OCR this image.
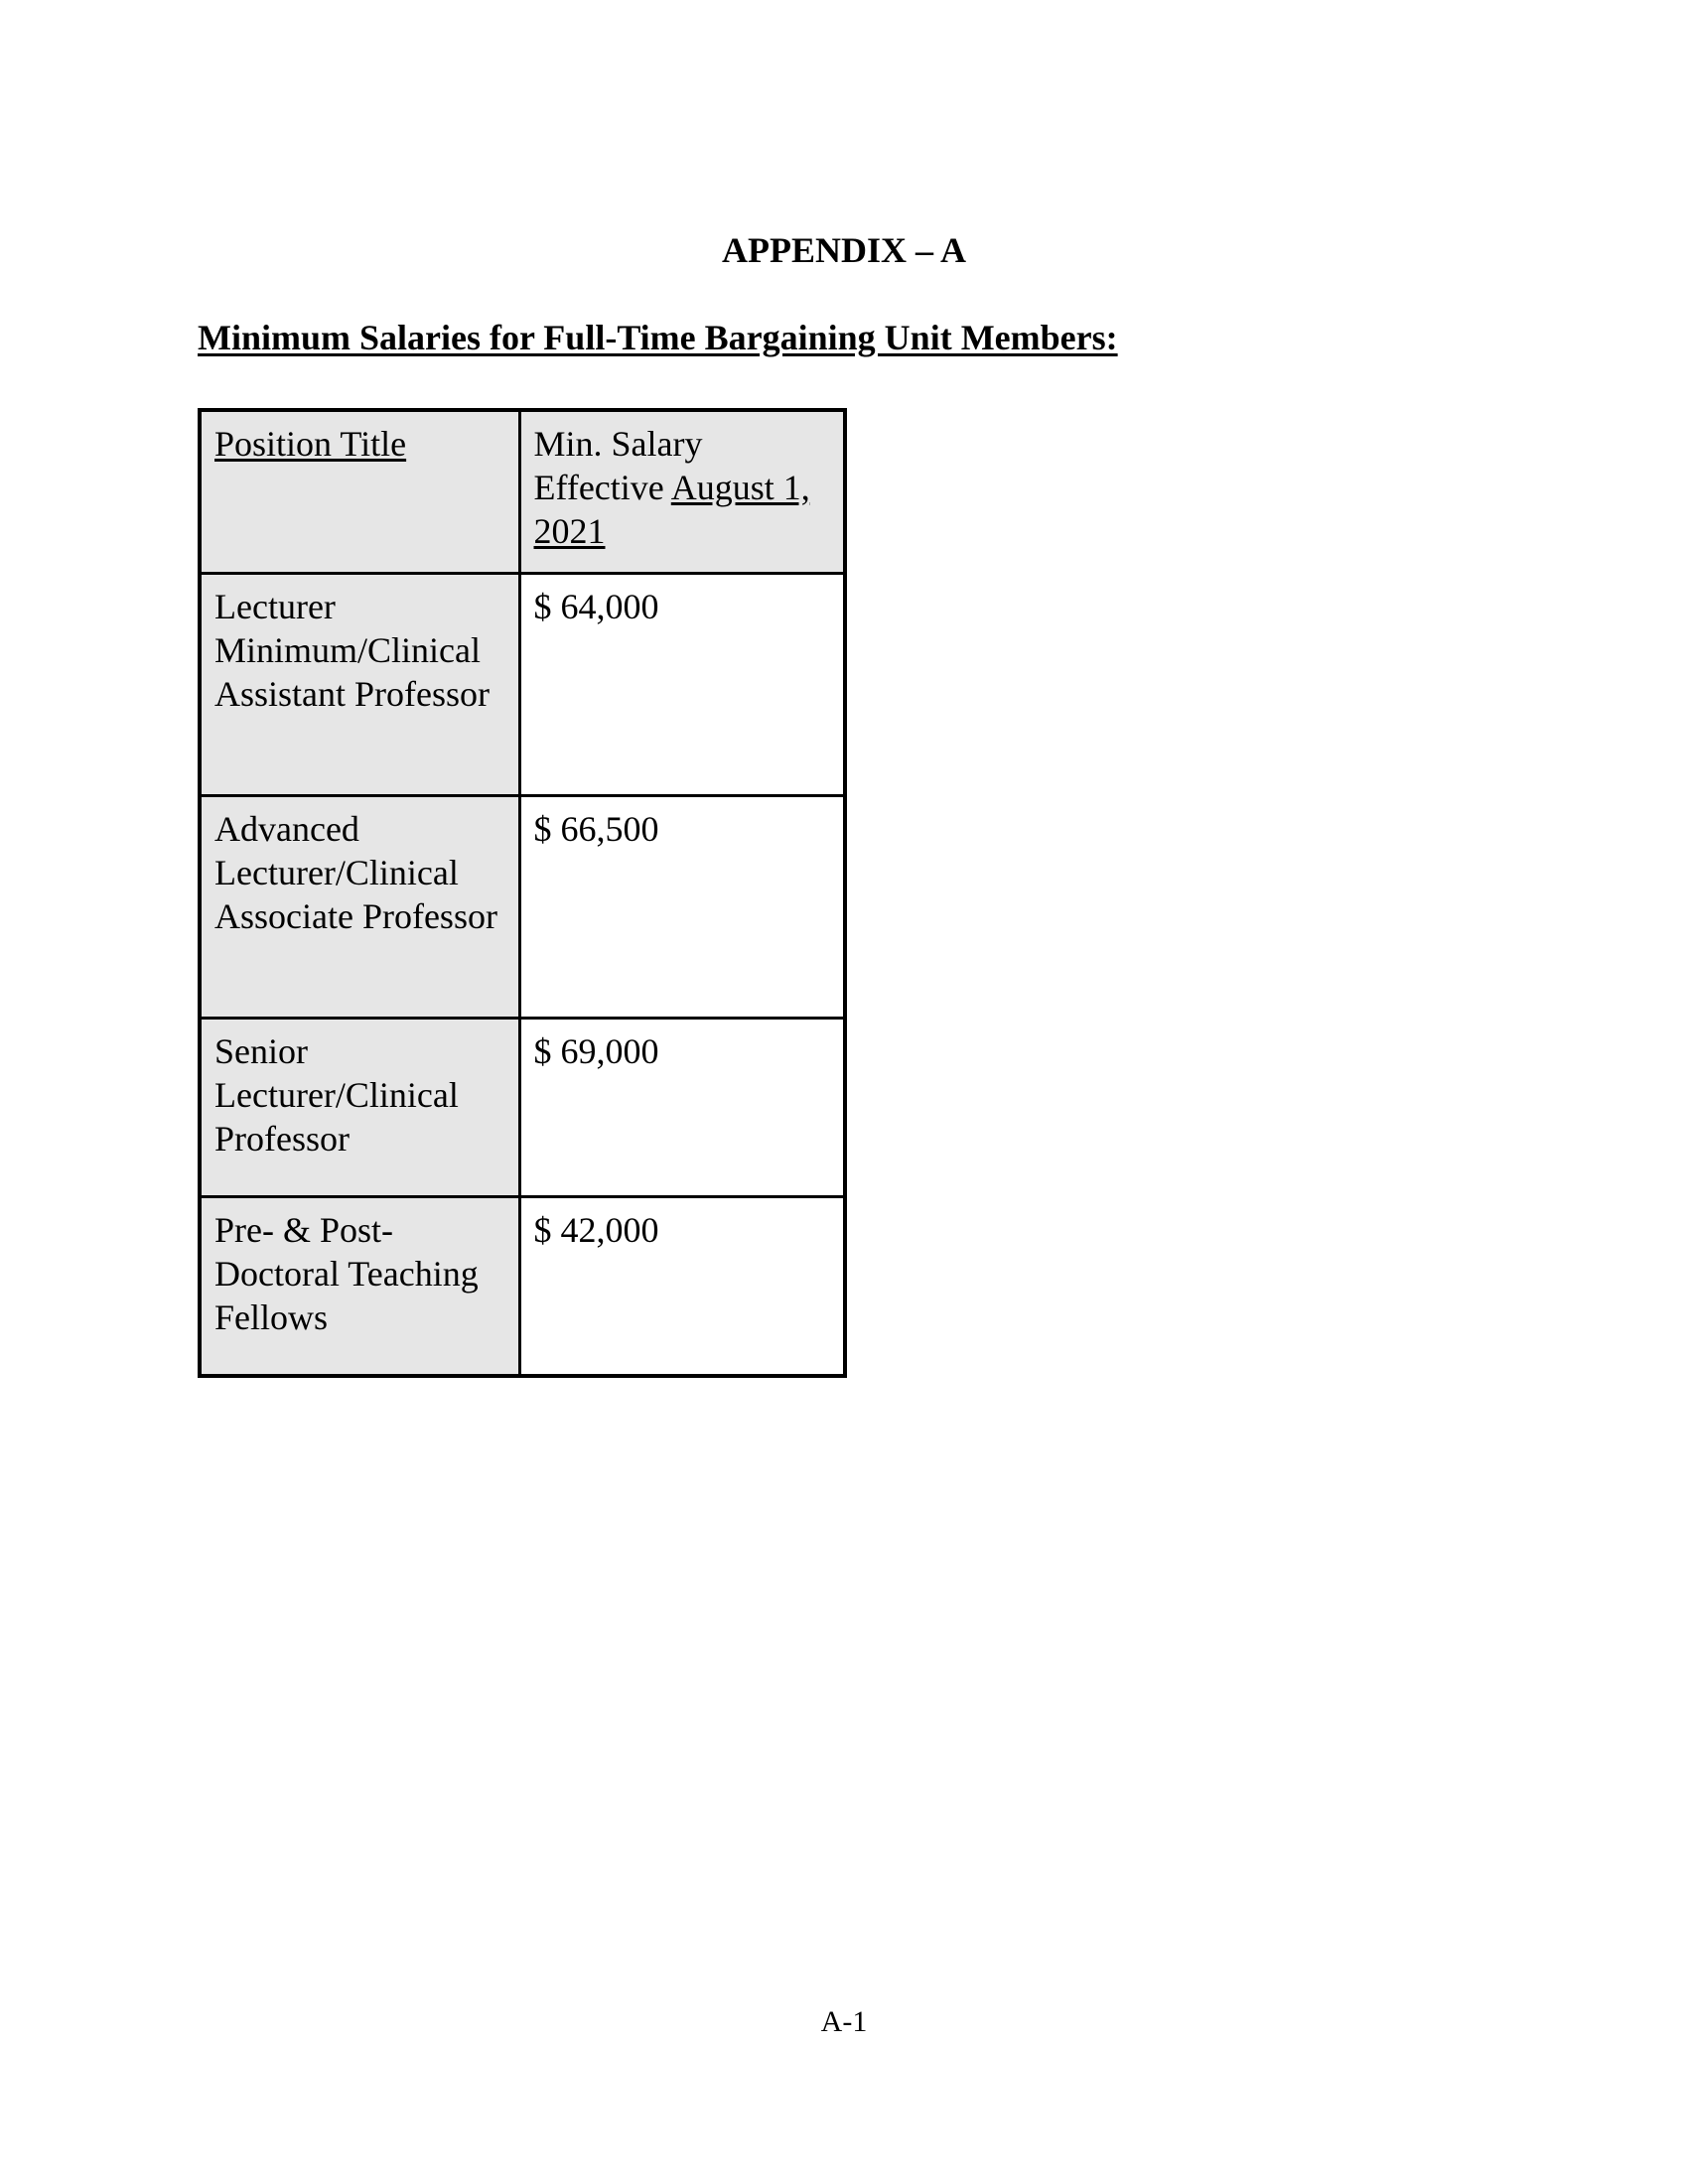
APPENDIX – A
Minimum Salaries for Full-Time Bargaining Unit Members:
Position Title	Min. Salary Effective August 1, 2021
Lecturer Minimum/Clinical Assistant Professor	$ 64,000
Advanced Lecturer/Clinical Associate Professor	$ 66,500
Senior Lecturer/Clinical Professor	$ 69,000
Pre- & Post-Doctoral Teaching Fellows	$ 42,000
A-1
